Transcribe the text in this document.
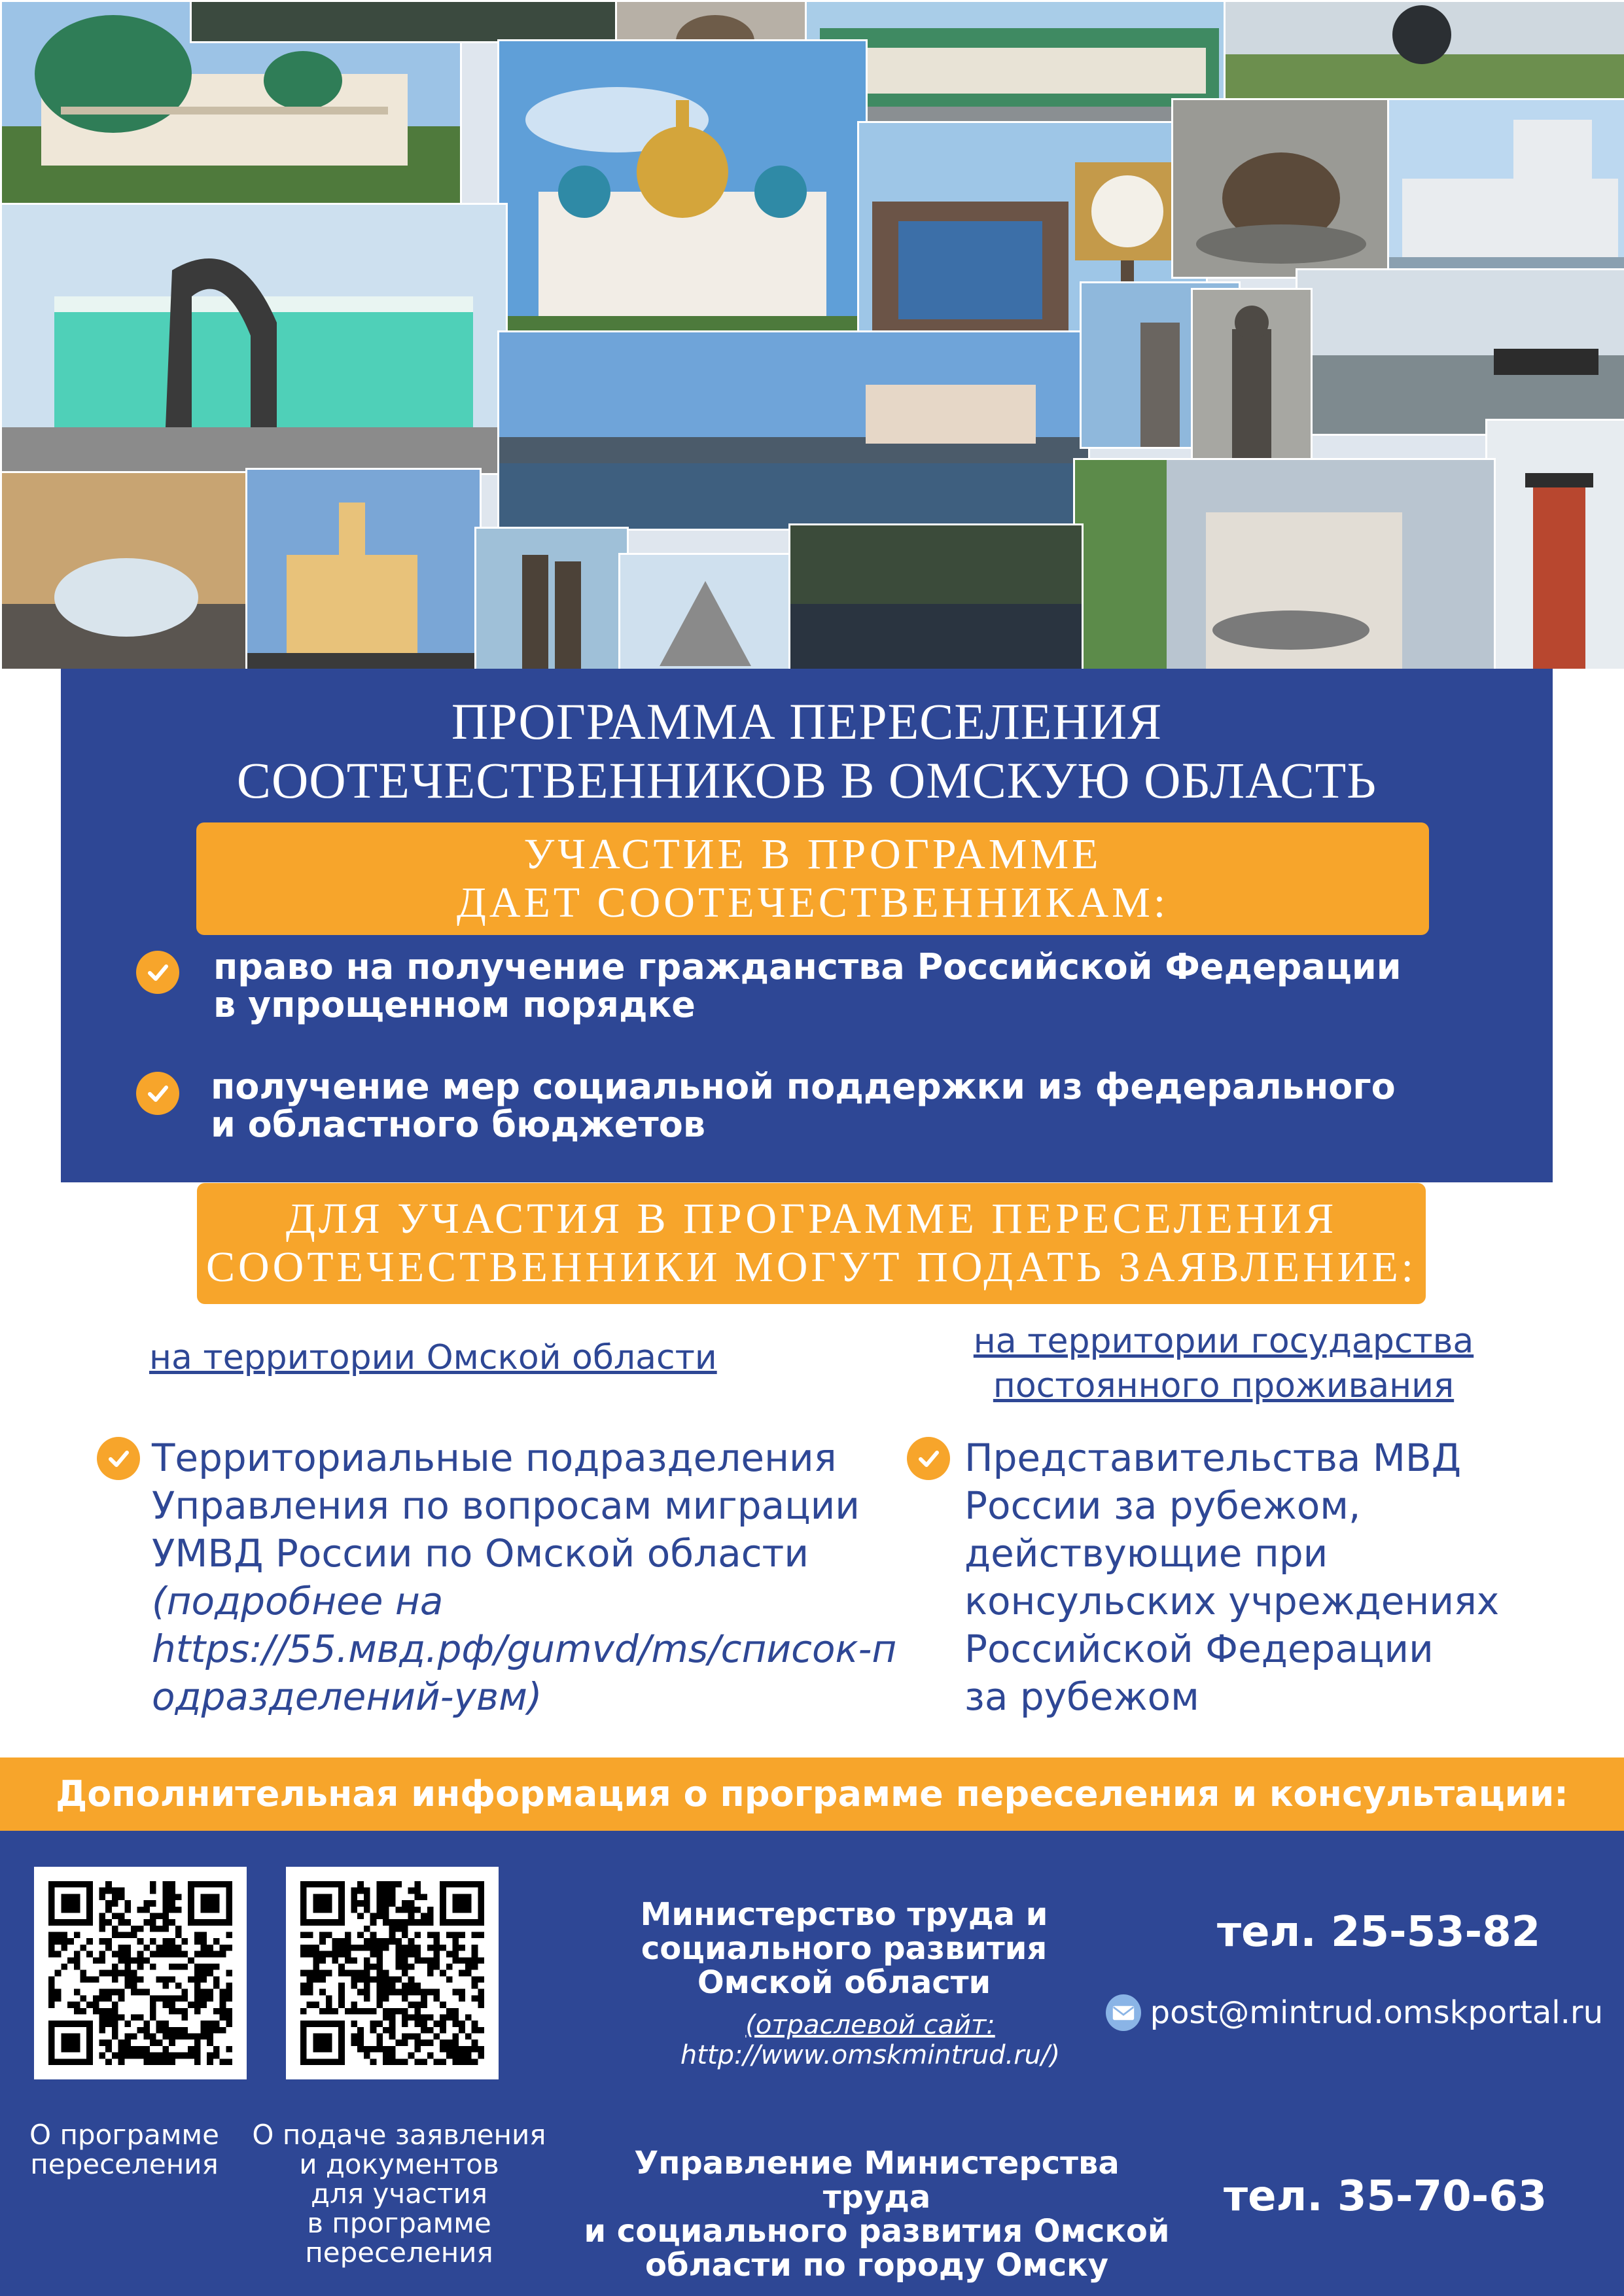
ПРОГРАММА ПЕРЕСЕЛЕНИЯ
СООТЕЧЕСТВЕННИКОВ В ОМСКУЮ ОБЛАСТЬ
УЧАСТИЕ В ПРОГРАММЕ
ДАЕТ СООТЕЧЕСТВЕННИКАМ:
право на получение гражданства Российской Федерации
в упрощенном порядке
получение мер социальной поддержки из федерального
и областного бюджетов
ДЛЯ УЧАСТИЯ В ПРОГРАММЕ ПЕРЕСЕЛЕНИЯ
СООТЕЧЕСТВЕННИКИ МОГУТ ПОДАТЬ ЗАЯВЛЕНИЕ:
на территории Омской области	на территории государства
постоянного проживания
Территориальные подразделения
Управления по вопросам миграции
УМВД России по Омской области
(подробнее на
https://55.мвд.рф/gumvd/ms/список-п
одразделений-увм)
Представительства МВД
России за рубежом,
действующие при
консульских учреждениях
Российской Федерации
за рубежом
Дополнительная информация о программе переселения и консультации:
О программе
переселения
О подаче заявления
и документов
для участия
в программе
переселения
Министерство труда и
социального развития
Омской области
(отраслевой сайт:
http://www.omskmintrud.ru/)
тел. 25-53-82
post@mintrud.omskportal.ru
Управление Министерства труда
и социального развития Омской
области по городу Омску
тел. 35-70-63
